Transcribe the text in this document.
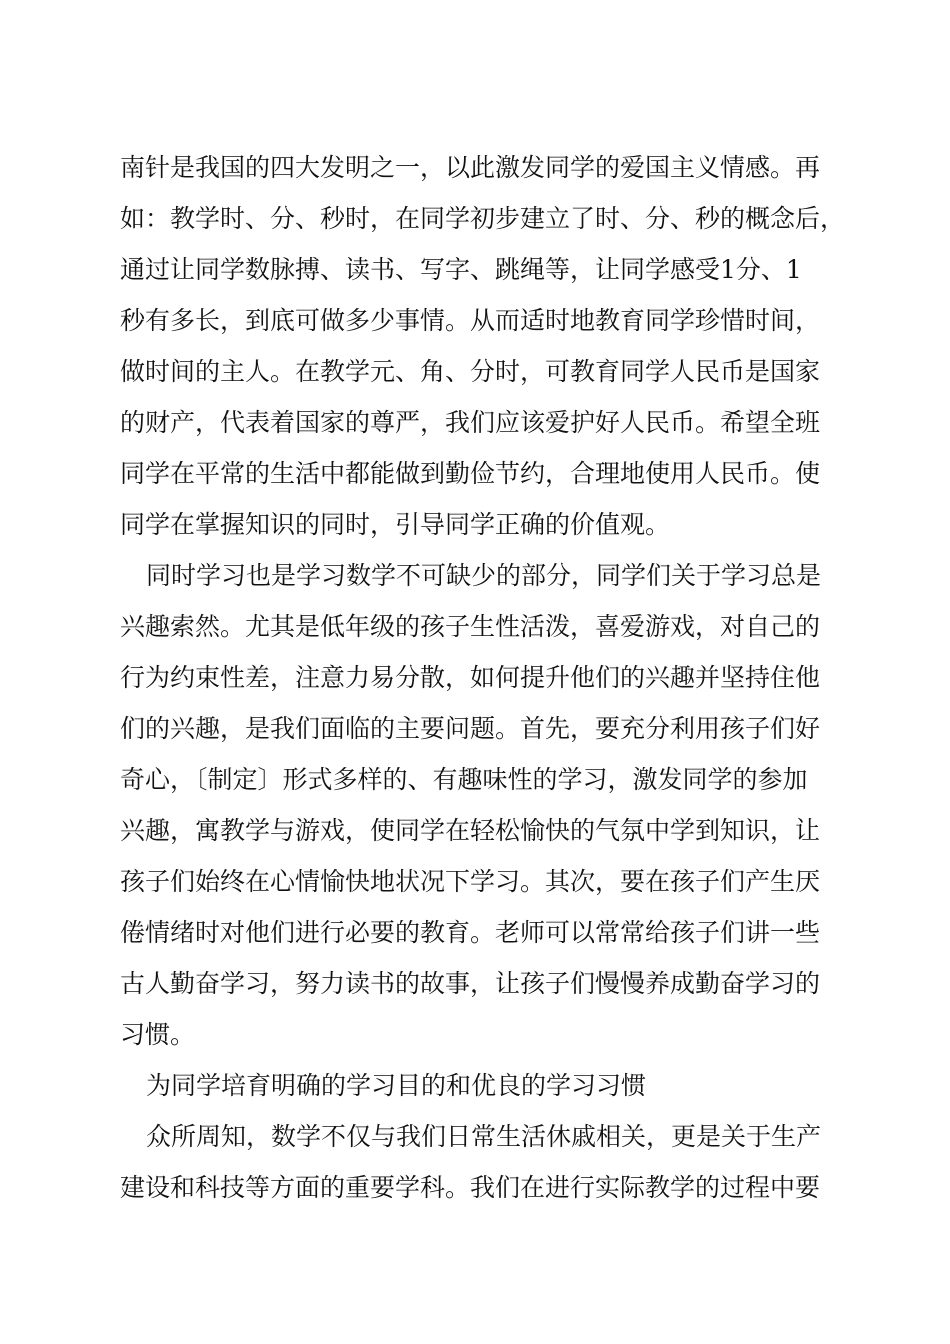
南针是我国的四大发明之一，以此激发同学的爱国主义情感。再
如：教学时、分、秒时，在同学初步建立了时、分、秒的概念后，
通过让同学数脉搏、读书、写字、跳绳等，让同学感受1分、1
秒有多长，到底可做多少事情。从而适时地教育同学珍惜时间，
做时间的主人。在教学元、角、分时，可教育同学人民币是国家
的财产，代表着国家的尊严，我们应该爱护好人民币。希望全班
同学在平常的生活中都能做到勤俭节约，合理地使用人民币。使
同学在掌握知识的同时，引导同学正确的价值观。
同时学习也是学习数学不可缺少的部分，同学们关于学习总是
兴趣索然。尤其是低年级的孩子生性活泼，喜爱游戏，对自己的
行为约束性差，注意力易分散，如何提升他们的兴趣并坚持住他
们的兴趣，是我们面临的主要问题。首先，要充分利用孩子们好
奇心，〔制定〕形式多样的、有趣味性的学习，激发同学的参加
兴趣，寓教学与游戏，使同学在轻松愉快的气氛中学到知识，让
孩子们始终在心情愉快地状况下学习。其次，要在孩子们产生厌
倦情绪时对他们进行必要的教育。老师可以常常给孩子们讲一些
古人勤奋学习，努力读书的故事，让孩子们慢慢养成勤奋学习的
习惯。
为同学培育明确的学习目的和优良的学习习惯
众所周知，数学不仅与我们日常生活休戚相关，更是关于生产
建设和科技等方面的重要学科。我们在进行实际教学的过程中要
